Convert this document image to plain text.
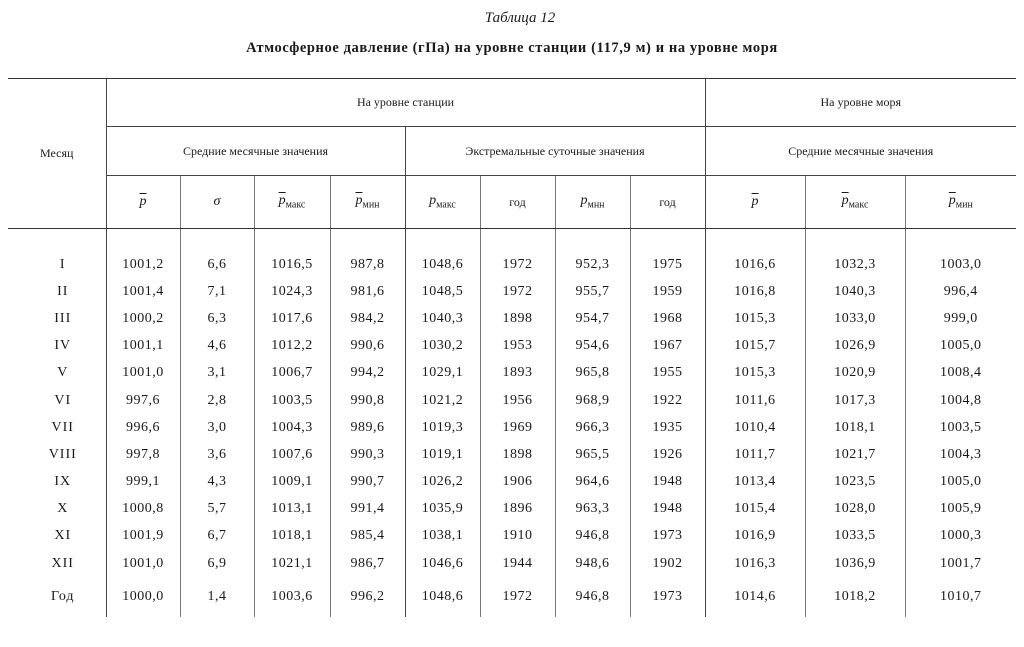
Таблица 12
Атмосферное давление (гПа) на уровне станции (117,9 м) и на уровне моря
Месяц	На уровне станции								На уровне моря		
	Средние месячные значения				Экстремальные суточные значения				Средние месячные значения		
	$\overline{p}$	σ	$\overline{p}_{макс}$	$\overline{p}_{мин}$	$p_{макс}$	год	$p_{мнн}$	год	$\overline{p}$	$\overline{p}_{макс}$	$\overline{p}_{мин}$

I	1001,2	6,6	1016,5	987,8	1048,6	1972	952,3	1975	1016,6	1032,3	1003,0
II	1001,4	7,1	1024,3	981,6	1048,5	1972	955,7	1959	1016,8	1040,3	996,4
III	1000,2	6,3	1017,6	984,2	1040,3	1898	954,7	1968	1015,3	1033,0	999,0
IV	1001,1	4,6	1012,2	990,6	1030,2	1953	954,6	1967	1015,7	1026,9	1005,0
V	1001,0	3,1	1006,7	994,2	1029,1	1893	965,8	1955	1015,3	1020,9	1008,4
VI	997,6	2,8	1003,5	990,8	1021,2	1956	968,9	1922	1011,6	1017,3	1004,8
VII	996,6	3,0	1004,3	989,6	1019,3	1969	966,3	1935	1010,4	1018,1	1003,5
VIII	997,8	3,6	1007,6	990,3	1019,1	1898	965,5	1926	1011,7	1021,7	1004,3
IX	999,1	4,3	1009,1	990,7	1026,2	1906	964,6	1948	1013,4	1023,5	1005,0
X	1000,8	5,7	1013,1	991,4	1035,9	1896	963,3	1948	1015,4	1028,0	1005,9
XI	1001,9	6,7	1018,1	985,4	1038,1	1910	946,8	1973	1016,9	1033,5	1000,3
XII	1001,0	6,9	1021,1	986,7	1046,6	1944	948,6	1902	1016,3	1036,9	1001,7
Год	1000,0	1,4	1003,6	996,2	1048,6	1972	946,8	1973	1014,6	1018,2	1010,7
